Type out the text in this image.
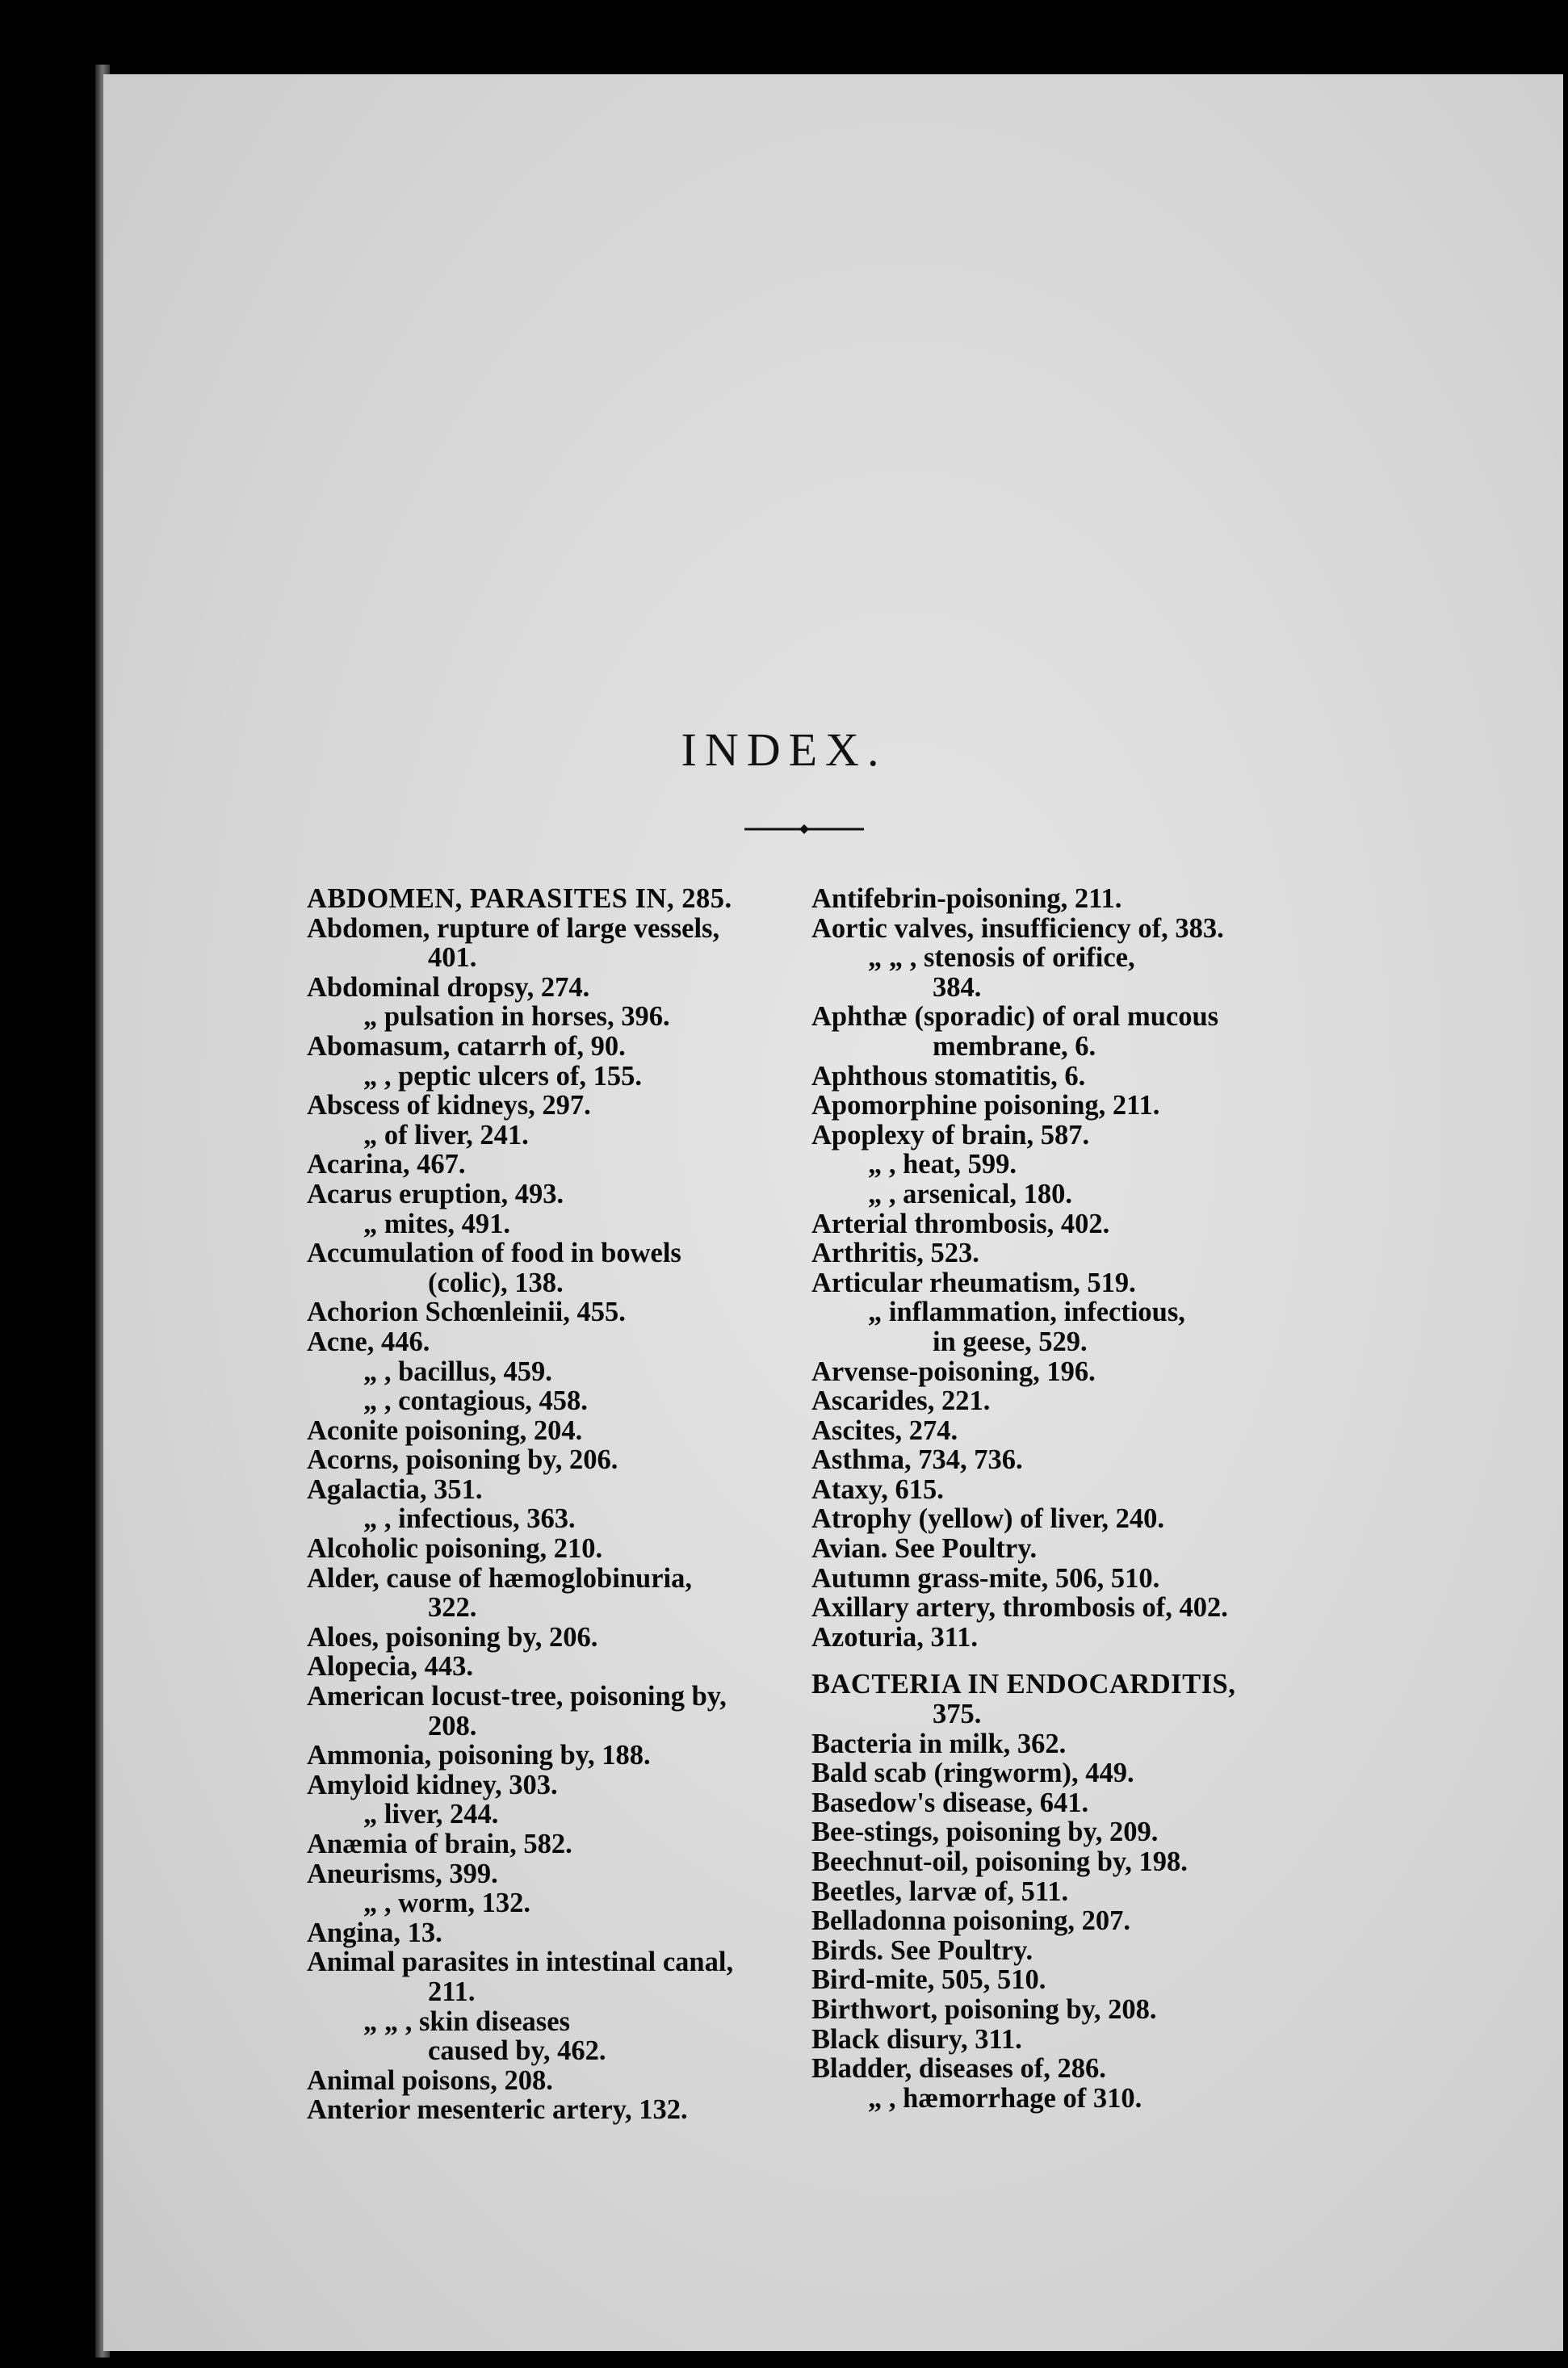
INDEX.

ABDOMEN, PARASITES IN, 285.

Abdomen, rupture of large vessels,

401.

Abdominal dropsy, 274.

„ pulsation in horses, 396.

Abomasum, catarrh of, 90.

„ , peptic ulcers of, 155.

Abscess of kidneys, 297.

„ of liver, 241.

Acarina, 467.

Acarus eruption, 493.

„ mites, 491.

Accumulation of food in bowels

(colic), 138.

Achorion Schœnleinii, 455.

Acne, 446.

„ , bacillus, 459.

„ , contagious, 458.

Aconite poisoning, 204.

Acorns, poisoning by, 206.

Agalactia, 351.

„ , infectious, 363.

Alcoholic poisoning, 210.

Alder, cause of hæmoglobinuria,

322.

Aloes, poisoning by, 206.

Alopecia, 443.

American locust-tree, poisoning by,

208.

Ammonia, poisoning by, 188.

Amyloid kidney, 303.

„ liver, 244.

Anæmia of brain, 582.

Aneurisms, 399.

„ , worm, 132.

Angina, 13.

Animal parasites in intestinal canal,

211.

„ „ , skin diseases

caused by, 462.

Animal poisons, 208.

Anterior mesenteric artery, 132.

Antifebrin-poisoning, 211.

Aortic valves, insufficiency of, 383.

„ „ , stenosis of orifice,

384.

Aphthæ (sporadic) of oral mucous

membrane, 6.

Aphthous stomatitis, 6.

Apomorphine poisoning, 211.

Apoplexy of brain, 587.

„ , heat, 599.

„ , arsenical, 180.

Arterial thrombosis, 402.

Arthritis, 523.

Articular rheumatism, 519.

„ inflammation, infectious,

in geese, 529.

Arvense-poisoning, 196.

Ascarides, 221.

Ascites, 274.

Asthma, 734, 736.

Ataxy, 615.

Atrophy (yellow) of liver, 240.

Avian. See Poultry.

Autumn grass-mite, 506, 510.

Axillary artery, thrombosis of, 402.

Azoturia, 311.

BACTERIA IN ENDOCARDITIS,

375.

Bacteria in milk, 362.

Bald scab (ringworm), 449.

Basedow's disease, 641.

Bee-stings, poisoning by, 209.

Beechnut-oil, poisoning by, 198.

Beetles, larvæ of, 511.

Belladonna poisoning, 207.

Birds. See Poultry.

Bird-mite, 505, 510.

Birthwort, poisoning by, 208.

Black disury, 311.

Bladder, diseases of, 286.

„ , hæmorrhage of 310.
